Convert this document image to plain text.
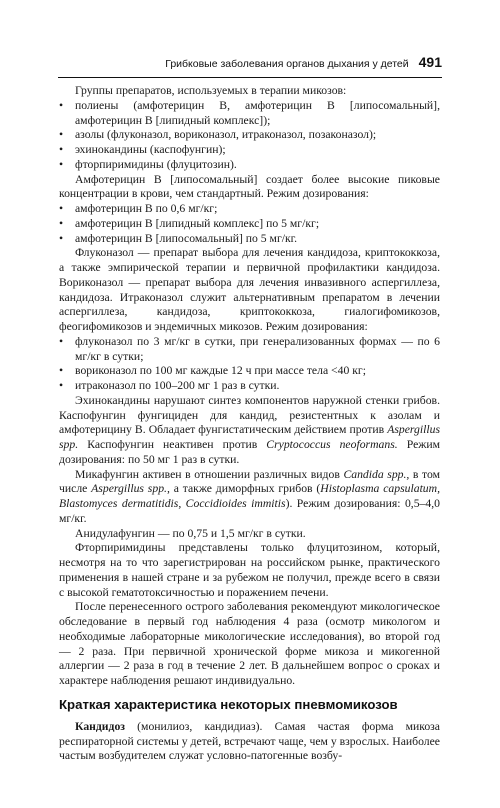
Грибковые заболевания органов дыхания у детей 491

Группы препаратов, используемых в терапии микозов:

• полиены (амфотерицин В, амфотерицин В [липосомальный], амфотерицин В [липидный комплекс]);
• азолы (флуконазол, вориконазол, итраконазол, позаконазол);
• эхинокандины (каспофунгин);
• фторпиримидины (флуцитозин).

Амфотерицин В [липосомальный] создает более высокие пиковые концентрации в крови, чем стандартный. Режим дозирования:

• амфотерицин В по 0,6 мг/кг;
• амфотерицин В [липидный комплекс] по 5 мг/кг;
• амфотерицин В [липосомальный] по 5 мг/кг.

Флуконазол — препарат выбора для лечения кандидоза, криптококкоза, а также эмпирической терапии и первичной профилактики кандидоза. Вориконазол — препарат выбора для лечения инвазивного аспергиллеза, кандидоза. Итраконазол служит альтернативным препаратом в лечении аспергиллеза, кандидоза, криптококкоза, гиалогифомикозов, феогифомикозов и эндемичных микозов. Режим дозирования:

• флуконазол по 3 мг/кг в сутки, при генерализованных формах — по 6 мг/кг в сутки;
• вориконазол по 100 мг каждые 12 ч при массе тела <40 кг;
• итраконазол по 100–200 мг 1 раз в сутки.

Эхинокандины нарушают синтез компонентов наружной стенки грибов. Каспофунгин фунгициден для кандид, резистентных к азолам и амфотерицину В. Обладает фунгистатическим действием против Aspergillus spp. Каспофунгин неактивен против Cryptococcus neoformans. Режим дозирования: по 50 мг 1 раз в сутки.

Микафунгин активен в отношении различных видов Candida spp., в том числе Aspergillus spp., а также диморфных грибов (Histoplasma capsulatum, Blastomyces dermatitidis, Coccidioides immitis). Режим дозирования: 0,5–4,0 мг/кг.

Анидулафунгин — по 0,75 и 1,5 мг/кг в сутки.

Фторпиримидины представлены только флуцитозином, который, несмотря на то что зарегистрирован на российском рынке, практического применения в нашей стране и за рубежом не получил, прежде всего в связи с высокой гематотоксичностью и поражением печени.

После перенесенного острого заболевания рекомендуют микологическое обследование в первый год наблюдения 4 раза (осмотр микологом и необходимые лабораторные микологические исследования), во второй год — 2 раза. При первичной хронической форме микоза и микогенной аллергии — 2 раза в год в течение 2 лет. В дальнейшем вопрос о сроках и характере наблюдения решают индивидуально.

Краткая характеристика некоторых пневмомикозов

Кандидоз (монилиоз, кандидиаз). Самая частая форма микоза респираторной системы у детей, встречают чаще, чем у взрослых. Наиболее частым возбудителем служат условно-патогенные возбу-
